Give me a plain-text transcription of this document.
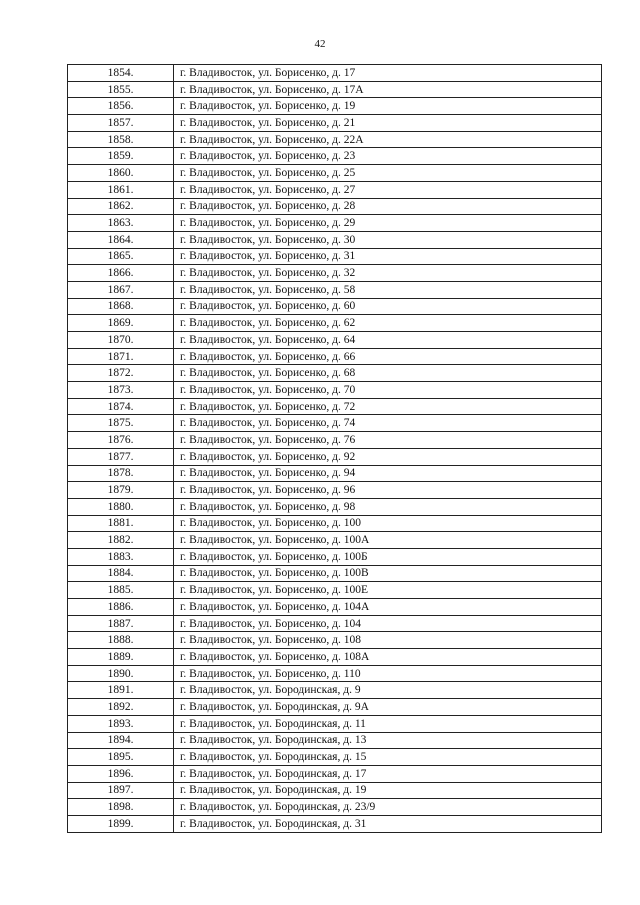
42
1854.	г. Владивосток, ул. Борисенко, д. 17
1855.	г. Владивосток, ул. Борисенко, д. 17А
1856.	г. Владивосток, ул. Борисенко, д. 19
1857.	г. Владивосток, ул. Борисенко, д. 21
1858.	г. Владивосток, ул. Борисенко, д. 22А
1859.	г. Владивосток, ул. Борисенко, д. 23
1860.	г. Владивосток, ул. Борисенко, д. 25
1861.	г. Владивосток, ул. Борисенко, д. 27
1862.	г. Владивосток, ул. Борисенко, д. 28
1863.	г. Владивосток, ул. Борисенко, д. 29
1864.	г. Владивосток, ул. Борисенко, д. 30
1865.	г. Владивосток, ул. Борисенко, д. 31
1866.	г. Владивосток, ул. Борисенко, д. 32
1867.	г. Владивосток, ул. Борисенко, д. 58
1868.	г. Владивосток, ул. Борисенко, д. 60
1869.	г. Владивосток, ул. Борисенко, д. 62
1870.	г. Владивосток, ул. Борисенко, д. 64
1871.	г. Владивосток, ул. Борисенко, д. 66
1872.	г. Владивосток, ул. Борисенко, д. 68
1873.	г. Владивосток, ул. Борисенко, д. 70
1874.	г. Владивосток, ул. Борисенко, д. 72
1875.	г. Владивосток, ул. Борисенко, д. 74
1876.	г. Владивосток, ул. Борисенко, д. 76
1877.	г. Владивосток, ул. Борисенко, д. 92
1878.	г. Владивосток, ул. Борисенко, д. 94
1879.	г. Владивосток, ул. Борисенко, д. 96
1880.	г. Владивосток, ул. Борисенко, д. 98
1881.	г. Владивосток, ул. Борисенко, д. 100
1882.	г. Владивосток, ул. Борисенко, д. 100А
1883.	г. Владивосток, ул. Борисенко, д. 100Б
1884.	г. Владивосток, ул. Борисенко, д. 100В
1885.	г. Владивосток, ул. Борисенко, д. 100Е
1886.	г. Владивосток, ул. Борисенко, д. 104А
1887.	г. Владивосток, ул. Борисенко, д. 104
1888.	г. Владивосток, ул. Борисенко, д. 108
1889.	г. Владивосток, ул. Борисенко, д. 108А
1890.	г. Владивосток, ул. Борисенко, д. 110
1891.	г. Владивосток, ул. Бородинская, д. 9
1892.	г. Владивосток, ул. Бородинская, д. 9А
1893.	г. Владивосток, ул. Бородинская, д. 11
1894.	г. Владивосток, ул. Бородинская, д. 13
1895.	г. Владивосток, ул. Бородинская, д. 15
1896.	г. Владивосток, ул. Бородинская, д. 17
1897.	г. Владивосток, ул. Бородинская, д. 19
1898.	г. Владивосток, ул. Бородинская, д. 23/9
1899.	г. Владивосток, ул. Бородинская, д. 31
